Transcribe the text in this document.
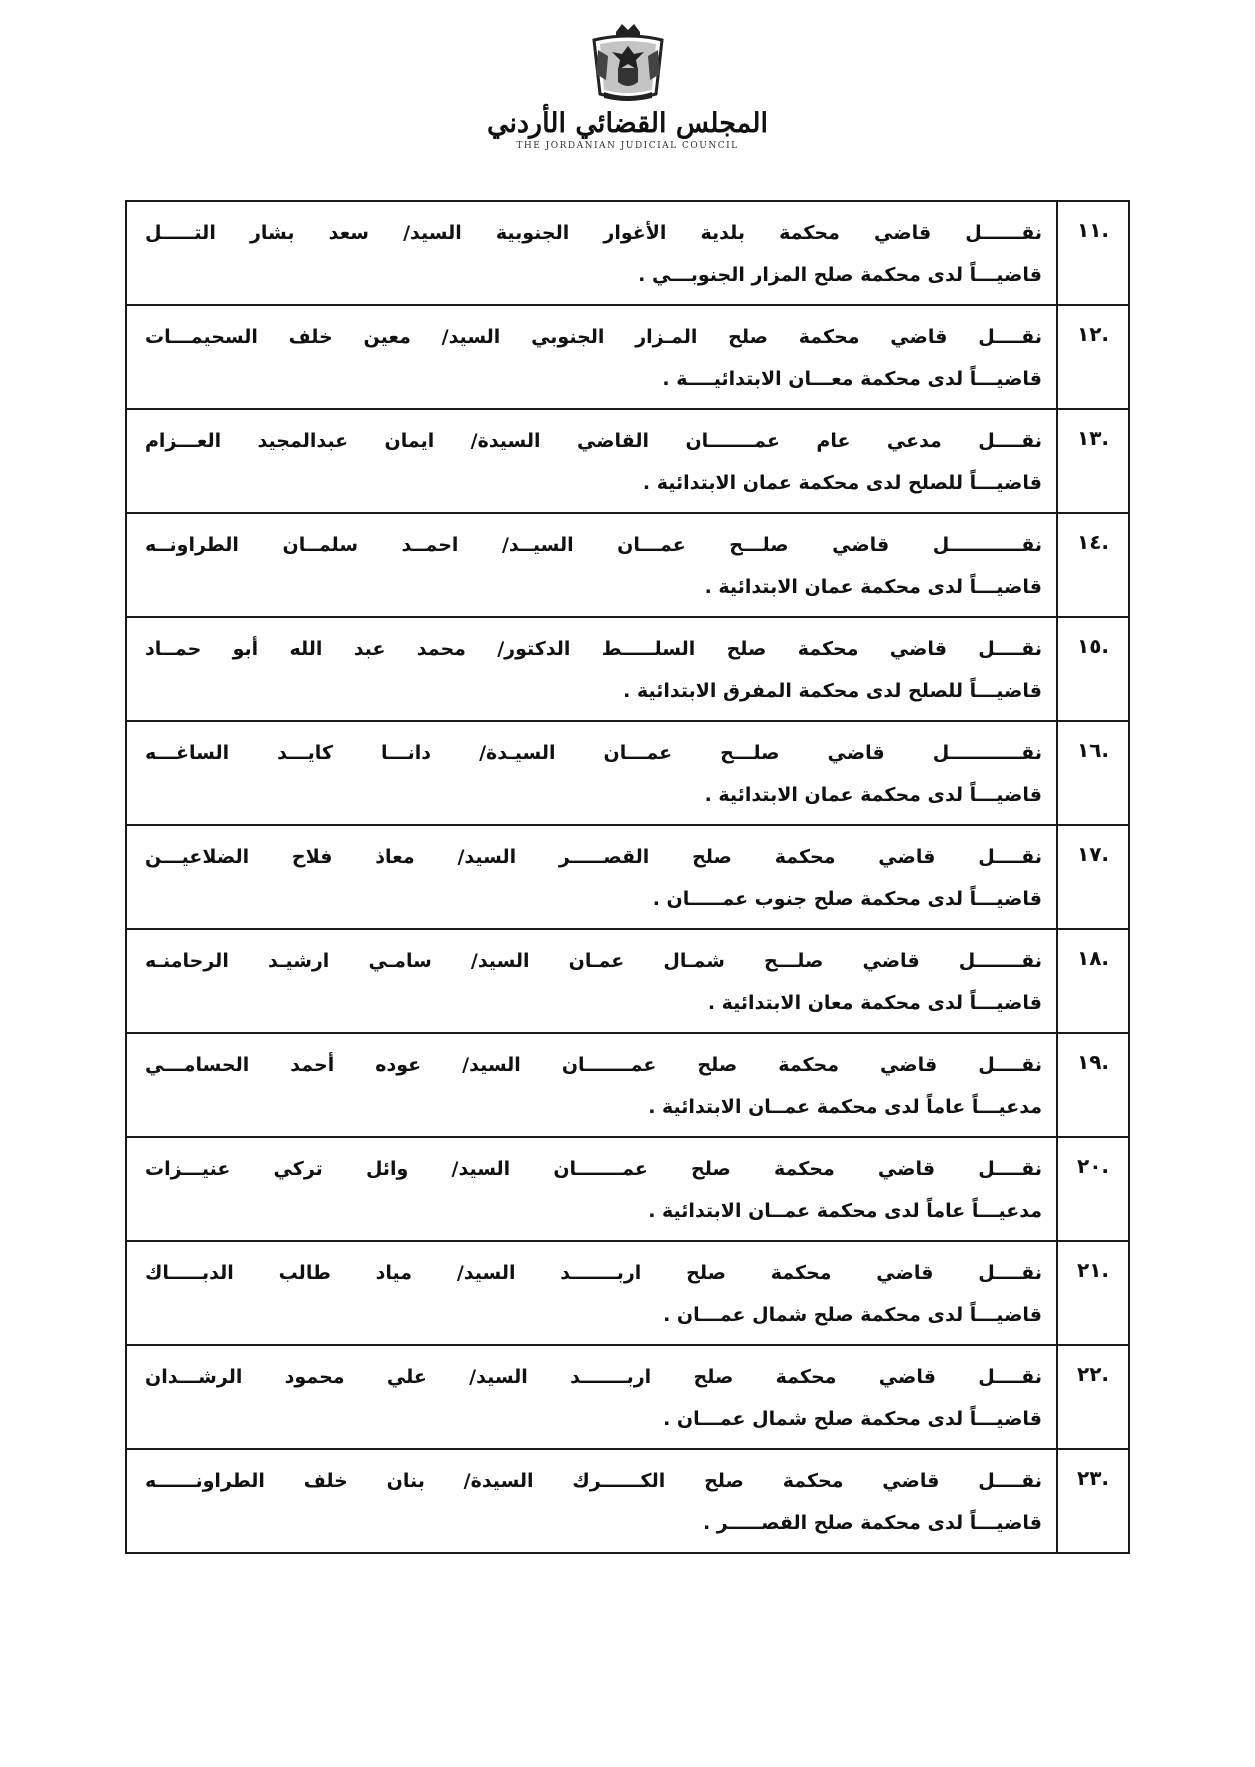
المجلس القضائي الأردني
THE JORDANIAN JUDICIAL COUNCIL
.١١	نقــــــل قاضي محكمة بلدية الأغوار الجنوبية السيد/ سعد بشار التـــــل
قاضيـــاً لدى محكمة صلح المزار الجنوبـــي .

.١٢	نقــــل قاضي محكمة صلح المـزار الجنوبي السيد/ معين خلف السحيمـــات
قاضيـــاً لدى محكمة معـــان الابتدائيــــة .

.١٣	نقــــل مدعي عام عمـــــــان القاضي السيدة/ ايمان عبدالمجيد العـــزام
قاضيـــاً للصلح لدى محكمة عمان الابتدائية .

.١٤	نقـــــــــــل قاضي صلـــح عمـــان السيــد/ احمــد سلمــان الطراونــه
قاضيـــاً لدى محكمة عمان الابتدائية .

.١٥	نقــــل قاضي محكمة صلح السلـــــط الدكتور/ محمد عبد الله أبو حمــاد
قاضيـــاً للصلح لدى محكمة المفرق الابتدائية .

.١٦	نقـــــــــــل قاضي صلـــح عمـــان السيـدة/ دانـــا كايـــد الساغـــه
قاضيـــاً لدى محكمة عمان الابتدائية .

.١٧	نقــــل قاضي محكمة صلح القصـــــر السيد/ معاذ فلاح الضلاعيـــن
قاضيـــاً لدى محكمة صلح جنوب عمـــــان .

.١٨	نقـــــــل قاضي صلـــح شمـال عمـان السيد/ سامـي ارشيـد الرحامنـه
قاضيـــاً لدى محكمة معان الابتدائية .

.١٩	نقــــل قاضي محكمة صلح عمـــــــان السيد/ عوده أحمد الحسامـــي
مدعيـــاً عاماً لدى محكمة عمــان الابتدائية .

.٢٠	نقــــل قاضي محكمة صلح عمـــــــان السيد/ وائل تركي عنيـــزات
مدعيـــاً عاماً لدى محكمة عمــان الابتدائية .

.٢١	نقــــل قاضي محكمة صلح اربـــــــد السيد/ مياد طالب الدبـــــاك
قاضيـــاً لدى محكمة صلح شمال عمـــان .

.٢٢	نقــــل قاضي محكمة صلح اربـــــــد السيد/ علي محمود الرشـــدان
قاضيـــاً لدى محكمة صلح شمال عمـــان .

.٢٣	نقــــل قاضي محكمة صلح الكــــــرك السيدة/ بنان خلف الطراونــــــه
قاضيـــاً لدى محكمة صلح القصـــــر .
